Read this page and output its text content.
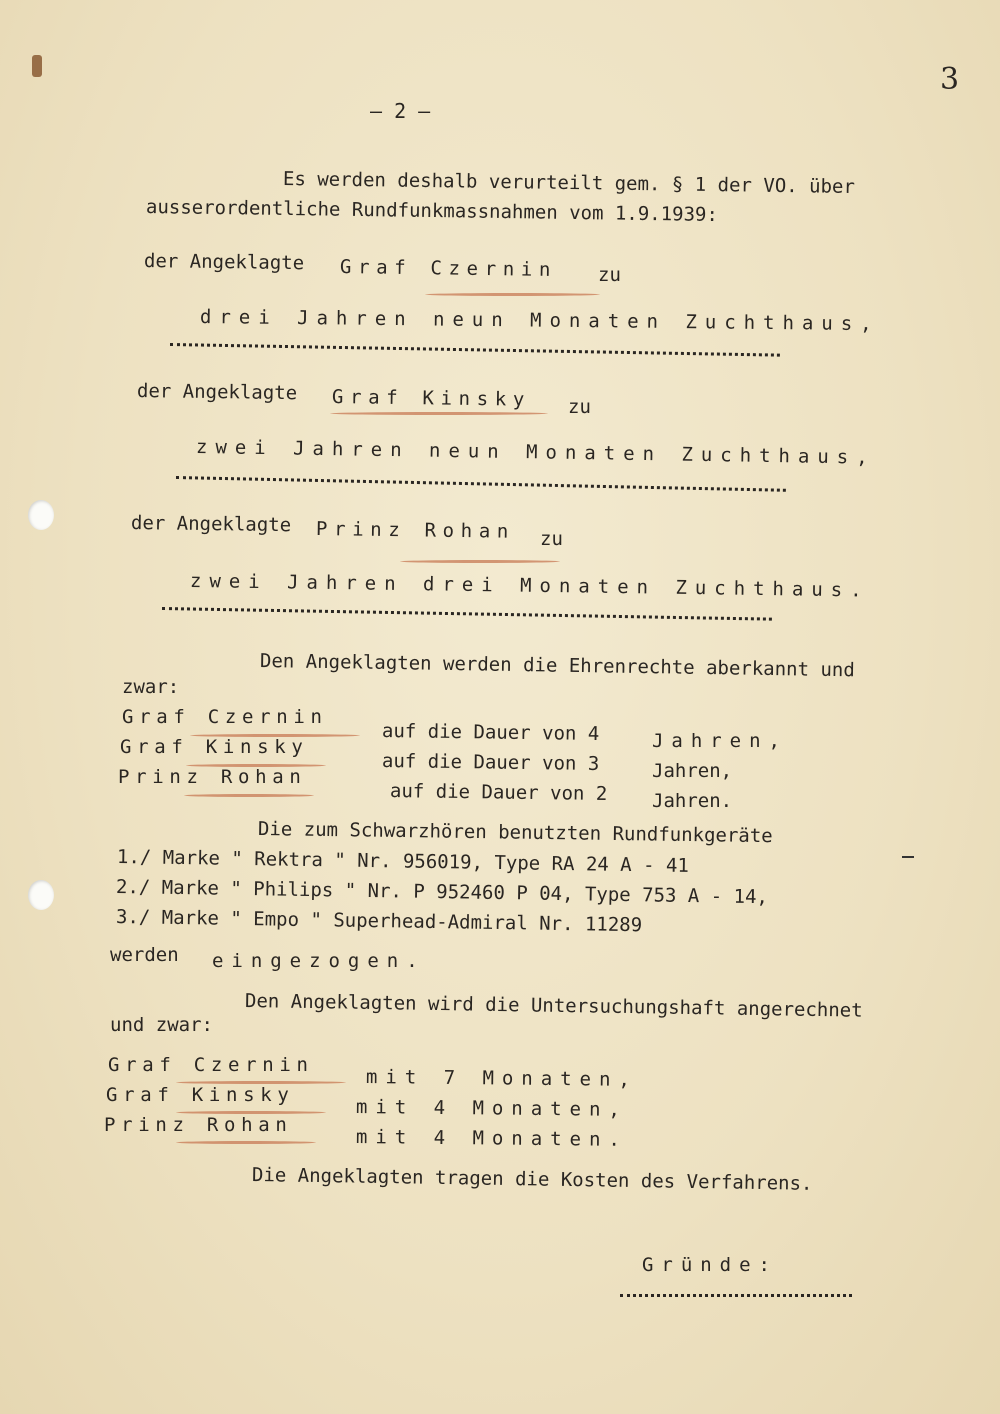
3
‒ 2 ‒
Es werden deshalb verurteilt gem. § 1 der VO. über
ausserordentliche Rundfunkmassnahmen vom 1.9.1939:
der Angeklagte Graf Czernin zu
drei Jahren neun Monaten Zuchthaus,
der Angeklagte Graf Kinsky zu
zwei Jahren neun Monaten Zuchthaus,
der Angeklagte Prinz Rohan zu
zwei Jahren drei Monaten Zuchthaus.
Den Angeklagten werden die Ehrenrechte aberkannt und
zwar:
Graf Czernin
auf die Dauer von 4	Jahren,
Graf Kinsky
auf die Dauer von 3	Jahren,
Prinz Rohan
auf die Dauer von 2 Jahren.
Die zum Schwarzhören benutzten Rundfunkgeräte
1./ Marke " Rektra " Nr. 956019, Type RA 24 A - 41
2./ Marke " Philips " Nr. P 952460 P 04, Type 753 A - 14,
3./ Marke " Empo " Superhead-Admiral Nr. 11289
werden eingezogen.
Den Angeklagten wird die Untersuchungshaft angerechnet
und zwar:
Graf Czernin
mit 7 Monaten,
Graf Kinsky
mit 4 Monaten,
Prinz Rohan
mit 4 Monaten.
Die Angeklagten tragen die Kosten des Verfahrens.
Gründe:
